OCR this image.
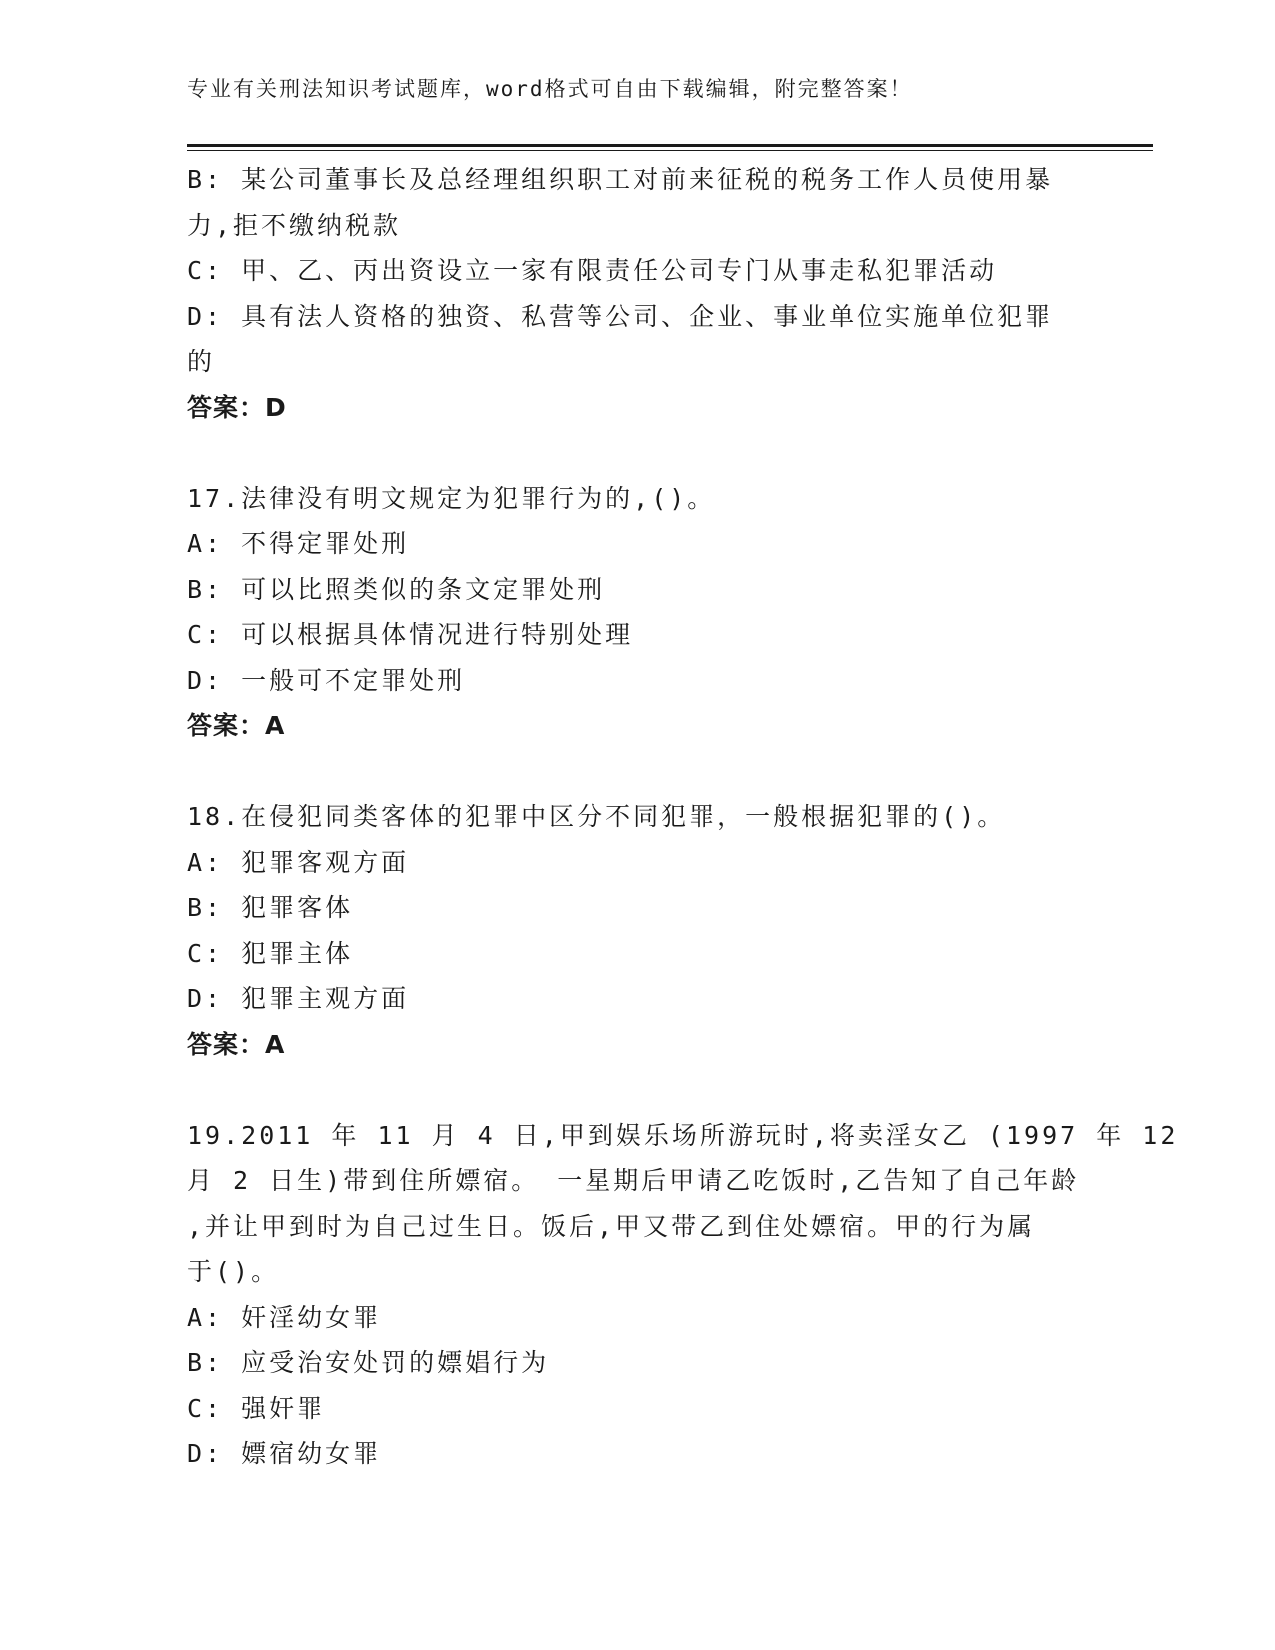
专业有关刑法知识考试题库，word格式可自由下载编辑，附完整答案！
B: 某公司董事长及总经理组织职工对前来征税的税务工作人员使用暴
力,拒不缴纳税款
C: 甲、乙、丙出资设立一家有限责任公司专门从事走私犯罪活动
D: 具有法人资格的独资、私营等公司、企业、事业单位实施单位犯罪
的
答案：D
17.法律没有明文规定为犯罪行为的,()。
A: 不得定罪处刑
B: 可以比照类似的条文定罪处刑
C: 可以根据具体情况进行特别处理
D: 一般可不定罪处刑
答案：A
18.在侵犯同类客体的犯罪中区分不同犯罪，一般根据犯罪的()。
A: 犯罪客观方面
B: 犯罪客体
C: 犯罪主体
D: 犯罪主观方面
答案：A
19.2011 年 11 月 4 日,甲到娱乐场所游玩时,将卖淫女乙 (1997 年 12
月 2 日生)带到住所嫖宿。 一星期后甲请乙吃饭时,乙告知了自己年龄
,并让甲到时为自己过生日。饭后,甲又带乙到住处嫖宿。甲的行为属
于()。
A: 奸淫幼女罪
B: 应受治安处罚的嫖娼行为
C: 强奸罪
D: 嫖宿幼女罪
